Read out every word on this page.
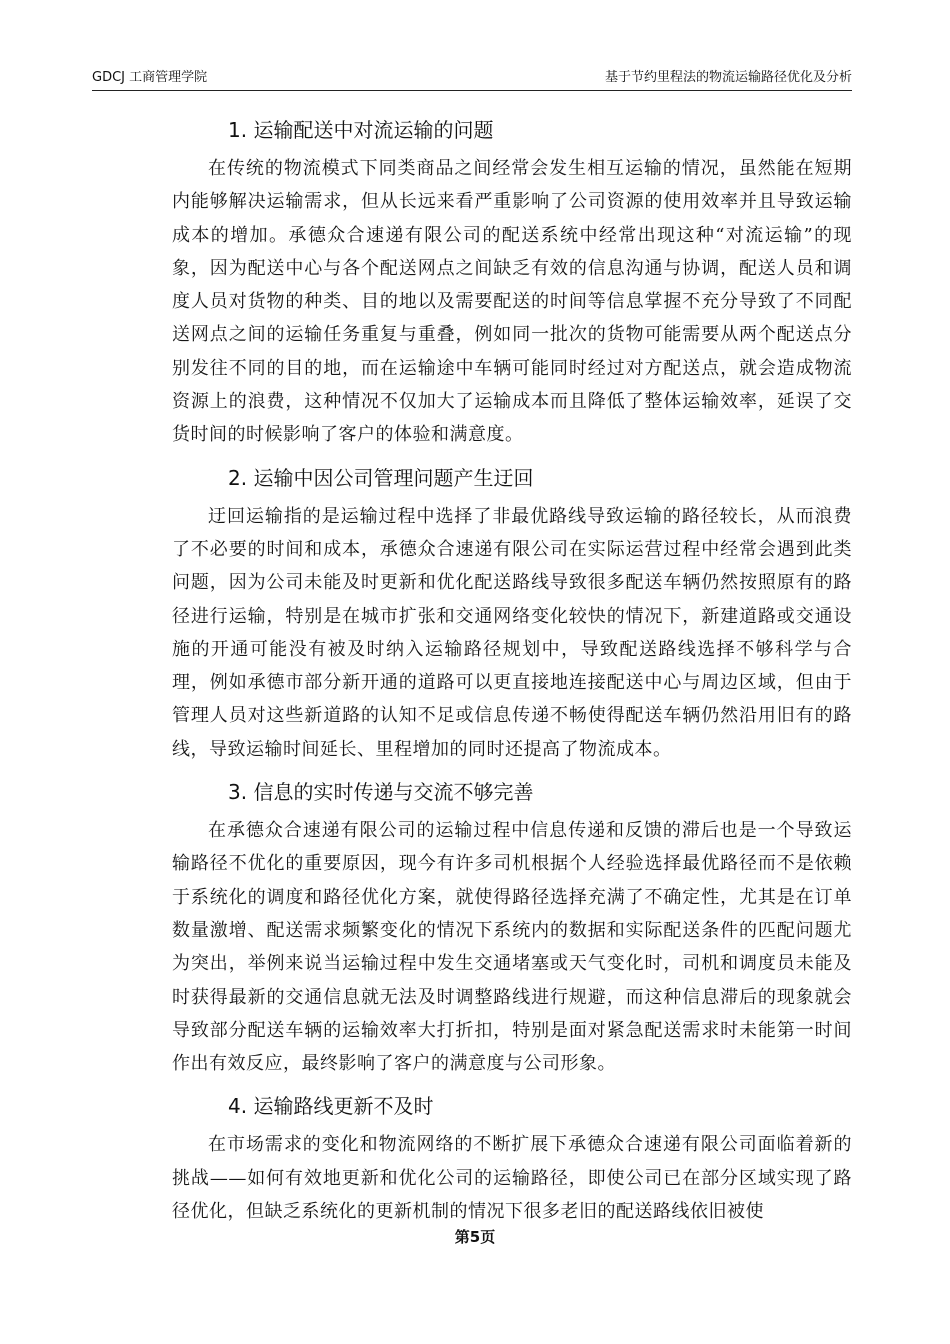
GDCJ 工商管理学院	基于节约里程法的物流运输路径优化及分析
1. 运输配送中对流运输的问题

在传统的物流模式下同类商品之间经常会发生相互运输的情况，虽然能在短期内能够解决运输需求，但从长远来看严重影响了公司资源的使用效率并且导致运输成本的增加。承德众合速递有限公司的配送系统中经常出现这种“对流运输”的现象，因为配送中心与各个配送网点之间缺乏有效的信息沟通与协调，配送人员和调度人员对货物的种类、目的地以及需要配送的时间等信息掌握不充分导致了不同配送网点之间的运输任务重复与重叠，例如同一批次的货物可能需要从两个配送点分别发往不同的目的地，而在运输途中车辆可能同时经过对方配送点，就会造成物流资源上的浪费，这种情况不仅加大了运输成本而且降低了整体运输效率，延误了交货时间的时候影响了客户的体验和满意度。

2. 运输中因公司管理问题产生迂回

迂回运输指的是运输过程中选择了非最优路线导致运输的路径较长，从而浪费了不必要的时间和成本，承德众合速递有限公司在实际运营过程中经常会遇到此类问题，因为公司未能及时更新和优化配送路线导致很多配送车辆仍然按照原有的路径进行运输，特别是在城市扩张和交通网络变化较快的情况下，新建道路或交通设施的开通可能没有被及时纳入运输路径规划中，导致配送路线选择不够科学与合理，例如承德市部分新开通的道路可以更直接地连接配送中心与周边区域，但由于管理人员对这些新道路的认知不足或信息传递不畅使得配送车辆仍然沿用旧有的路线，导致运输时间延长、里程增加的同时还提高了物流成本。

3. 信息的实时传递与交流不够完善

在承德众合速递有限公司的运输过程中信息传递和反馈的滞后也是一个导致运输路径不优化的重要原因，现今有许多司机根据个人经验选择最优路径而不是依赖于系统化的调度和路径优化方案，就使得路径选择充满了不确定性，尤其是在订单数量激增、配送需求频繁变化的情况下系统内的数据和实际配送条件的匹配问题尤为突出，举例来说当运输过程中发生交通堵塞或天气变化时，司机和调度员未能及时获得最新的交通信息就无法及时调整路线进行规避，而这种信息滞后的现象就会导致部分配送车辆的运输效率大打折扣，特别是面对紧急配送需求时未能第一时间作出有效反应，最终影响了客户的满意度与公司形象。

4. 运输路线更新不及时

在市场需求的变化和物流网络的不断扩展下承德众合速递有限公司面临着新的挑战——如何有效地更新和优化公司的运输路径，即使公司已在部分区域实现了路径优化，但缺乏系统化的更新机制的情况下很多老旧的配送路线依旧被使

第5页
